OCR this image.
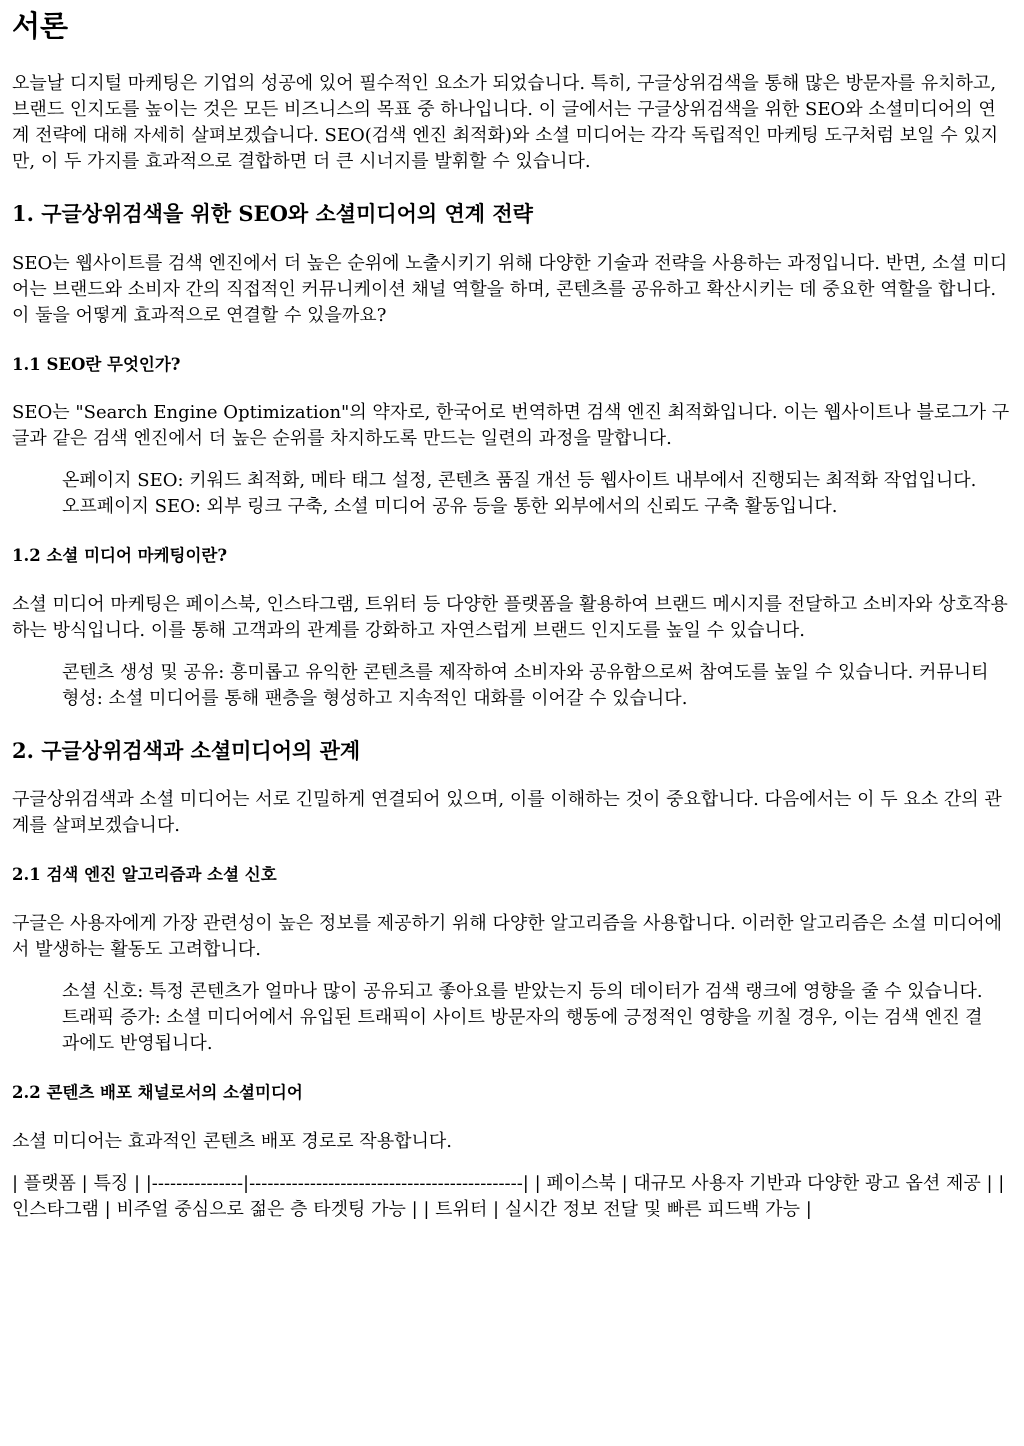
서론

오늘날 디지털 마케팅은 기업의 성공에 있어 필수적인 요소가 되었습니다. 특히, 구글상위검색을 통해 많은 방문자를 유치하고, 브랜드 인지도를 높이는 것은 모든 비즈니스의 목표 중 하나입니다. 이 글에서는 구글상위검색을 위한 SEO와 소셜미디어의 연계 전략에 대해 자세히 살펴보겠습니다. SEO(검색 엔진 최적화)와 소셜 미디어는 각각 독립적인 마케팅 도구처럼 보일 수 있지만, 이 두 가지를 효과적으로 결합하면 더 큰 시너지를 발휘할 수 있습니다.

1. 구글상위검색을 위한 SEO와 소셜미디어의 연계 전략

SEO는 웹사이트를 검색 엔진에서 더 높은 순위에 노출시키기 위해 다양한 기술과 전략을 사용하는 과정입니다. 반면, 소셜 미디어는 브랜드와 소비자 간의 직접적인 커뮤니케이션 채널 역할을 하며, 콘텐츠를 공유하고 확산시키는 데 중요한 역할을 합니다. 이 둘을 어떻게 효과적으로 연결할 수 있을까요?

1.1 SEO란 무엇인가?

SEO는 "Search Engine Optimization"의 약자로, 한국어로 번역하면 검색 엔진 최적화입니다. 이는 웹사이트나 블로그가 구글과 같은 검색 엔진에서 더 높은 순위를 차지하도록 만드는 일련의 과정을 말합니다.

온페이지 SEO: 키워드 최적화, 메타 태그 설정, 콘텐츠 품질 개선 등 웹사이트 내부에서 진행되는 최적화 작업입니다. 오프페이지 SEO: 외부 링크 구축, 소셜 미디어 공유 등을 통한 외부에서의 신뢰도 구축 활동입니다.
1.2 소셜 미디어 마케팅이란?

소셜 미디어 마케팅은 페이스북, 인스타그램, 트위터 등 다양한 플랫폼을 활용하여 브랜드 메시지를 전달하고 소비자와 상호작용하는 방식입니다. 이를 통해 고객과의 관계를 강화하고 자연스럽게 브랜드 인지도를 높일 수 있습니다.

콘텐츠 생성 및 공유: 흥미롭고 유익한 콘텐츠를 제작하여 소비자와 공유함으로써 참여도를 높일 수 있습니다. 커뮤니티 형성: 소셜 미디어를 통해 팬층을 형성하고 지속적인 대화를 이어갈 수 있습니다.
2. 구글상위검색과 소셜미디어의 관계

구글상위검색과 소셜 미디어는 서로 긴밀하게 연결되어 있으며, 이를 이해하는 것이 중요합니다. 다음에서는 이 두 요소 간의 관계를 살펴보겠습니다.

2.1 검색 엔진 알고리즘과 소셜 신호

구글은 사용자에게 가장 관련성이 높은 정보를 제공하기 위해 다양한 알고리즘을 사용합니다. 이러한 알고리즘은 소셜 미디어에서 발생하는 활동도 고려합니다.

소셜 신호: 특정 콘텐츠가 얼마나 많이 공유되고 좋아요를 받았는지 등의 데이터가 검색 랭크에 영향을 줄 수 있습니다. 트래픽 증가: 소셜 미디어에서 유입된 트래픽이 사이트 방문자의 행동에 긍정적인 영향을 끼칠 경우, 이는 검색 엔진 결과에도 반영됩니다.
2.2 콘텐츠 배포 채널로서의 소셜미디어

소셜 미디어는 효과적인 콘텐츠 배포 경로로 작용합니다.

| 플랫폼 | 특징 | |---------------|---------------------------------------------| | 페이스북 | 대규모 사용자 기반과 다양한 광고 옵션 제공 | | 인스타그램 | 비주얼 중심으로 젊은 층 타겟팅 가능 | | 트위터 | 실시간 정보 전달 및 빠른 피드백 가능 |
